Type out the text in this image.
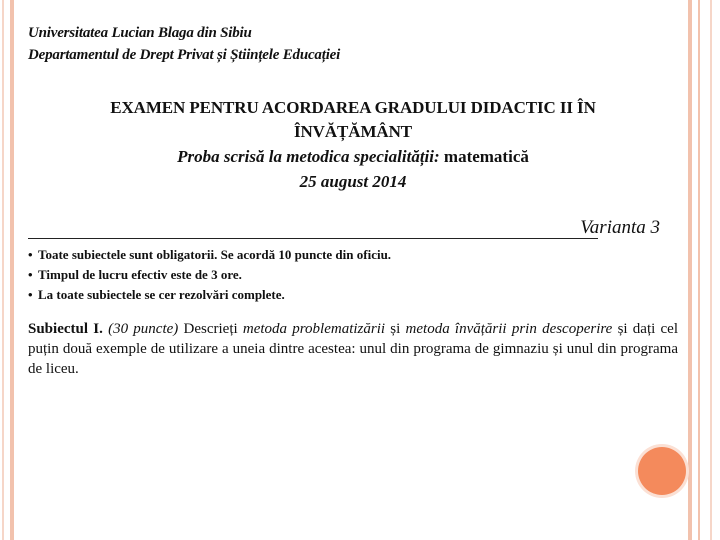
Universitatea Lucian Blaga din Sibiu
Departamentul de Drept Privat și Științele Educației
EXAMEN PENTRU ACORDAREA GRADULUI DIDACTIC II ÎN
ÎNVĂȚĂMÂNT
Proba scrisă la metodica specialității: matematică
25 august 2014
Varianta 3
• Toate subiectele sunt obligatorii. Se acordă 10 puncte din oficiu.
• Timpul de lucru efectiv este de 3 ore.
• La toate subiectele se cer rezolvări complete.
Subiectul I. (30 puncte) Descrieți metoda problematizării și metoda învățării prin descoperire și dați cel puțin două exemple de utilizare a uneia dintre acestea: unul din programa de gimnaziu și unul din programa de liceu.
